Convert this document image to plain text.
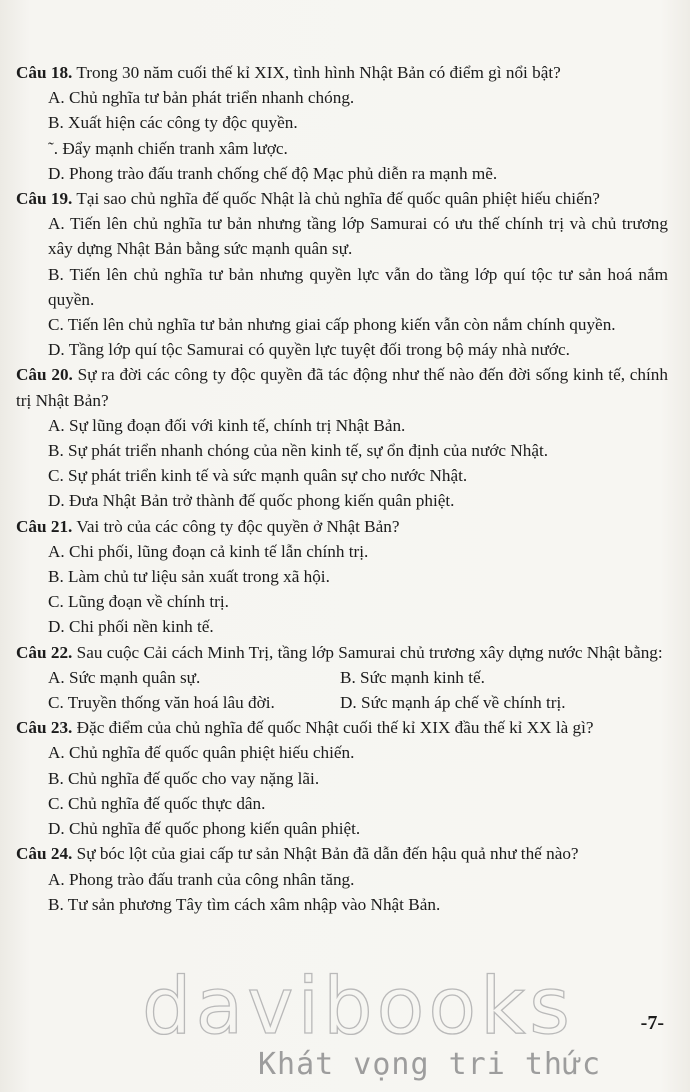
Câu 18. Trong 30 năm cuối thế kỉ XIX, tình hình Nhật Bản có điểm gì nổi bật?

A. Chủ nghĩa tư bản phát triển nhanh chóng.

B. Xuất hiện các công ty độc quyền.

˜. Đẩy mạnh chiến tranh xâm lược.

D. Phong trào đấu tranh chống chế độ Mạc phủ diễn ra mạnh mẽ.

Câu 19. Tại sao chủ nghĩa đế quốc Nhật là chủ nghĩa đế quốc quân phiệt hiếu chiến?

A. Tiến lên chủ nghĩa tư bản nhưng tầng lớp Samurai có ưu thế chính trị và chủ trương xây dựng Nhật Bản bằng sức mạnh quân sự.

B. Tiến lên chủ nghĩa tư bản nhưng quyền lực vẫn do tầng lớp quí tộc tư sản hoá nắm quyền.

C. Tiến lên chủ nghĩa tư bản nhưng giai cấp phong kiến vẫn còn nắm chính quyền.

D. Tầng lớp quí tộc Samurai có quyền lực tuyệt đối trong bộ máy nhà nước.

Câu 20. Sự ra đời các công ty độc quyền đã tác động như thế nào đến đời sống kinh tế, chính trị Nhật Bản?

A. Sự lũng đoạn đối với kinh tế, chính trị Nhật Bản.

B. Sự phát triển nhanh chóng của nền kinh tế, sự ổn định của nước Nhật.

C. Sự phát triển kinh tế và sức mạnh quân sự cho nước Nhật.

D. Đưa Nhật Bản trở thành đế quốc phong kiến quân phiệt.

Câu 21. Vai trò của các công ty độc quyền ở Nhật Bản?

A. Chi phối, lũng đoạn cả kinh tế lẫn chính trị.

B. Làm chủ tư liệu sản xuất trong xã hội.

C. Lũng đoạn về chính trị.

D. Chi phối nền kinh tế.

Câu 22. Sau cuộc Cải cách Minh Trị, tầng lớp Samurai chủ trương xây dựng nước Nhật bằng:

A. Sức mạnh quân sự.	B. Sức mạnh kinh tế.
C. Truyền thống văn hoá lâu đời.	D. Sức mạnh áp chế về chính trị.

Câu 23. Đặc điểm của chủ nghĩa đế quốc Nhật cuối thế kỉ XIX đầu thế kỉ XX là gì?

A. Chủ nghĩa đế quốc quân phiệt hiếu chiến.

B. Chủ nghĩa đế quốc cho vay nặng lãi.

C. Chủ nghĩa đế quốc thực dân.

D. Chủ nghĩa đế quốc phong kiến quân phiệt.

Câu 24. Sự bóc lột của giai cấp tư sản Nhật Bản đã dẫn đến hậu quả như thế nào?

A. Phong trào đấu tranh của công nhân tăng.

B. Tư sản phương Tây tìm cách xâm nhập vào Nhật Bản.

davibooks
Khát vọng tri thức
-7-
